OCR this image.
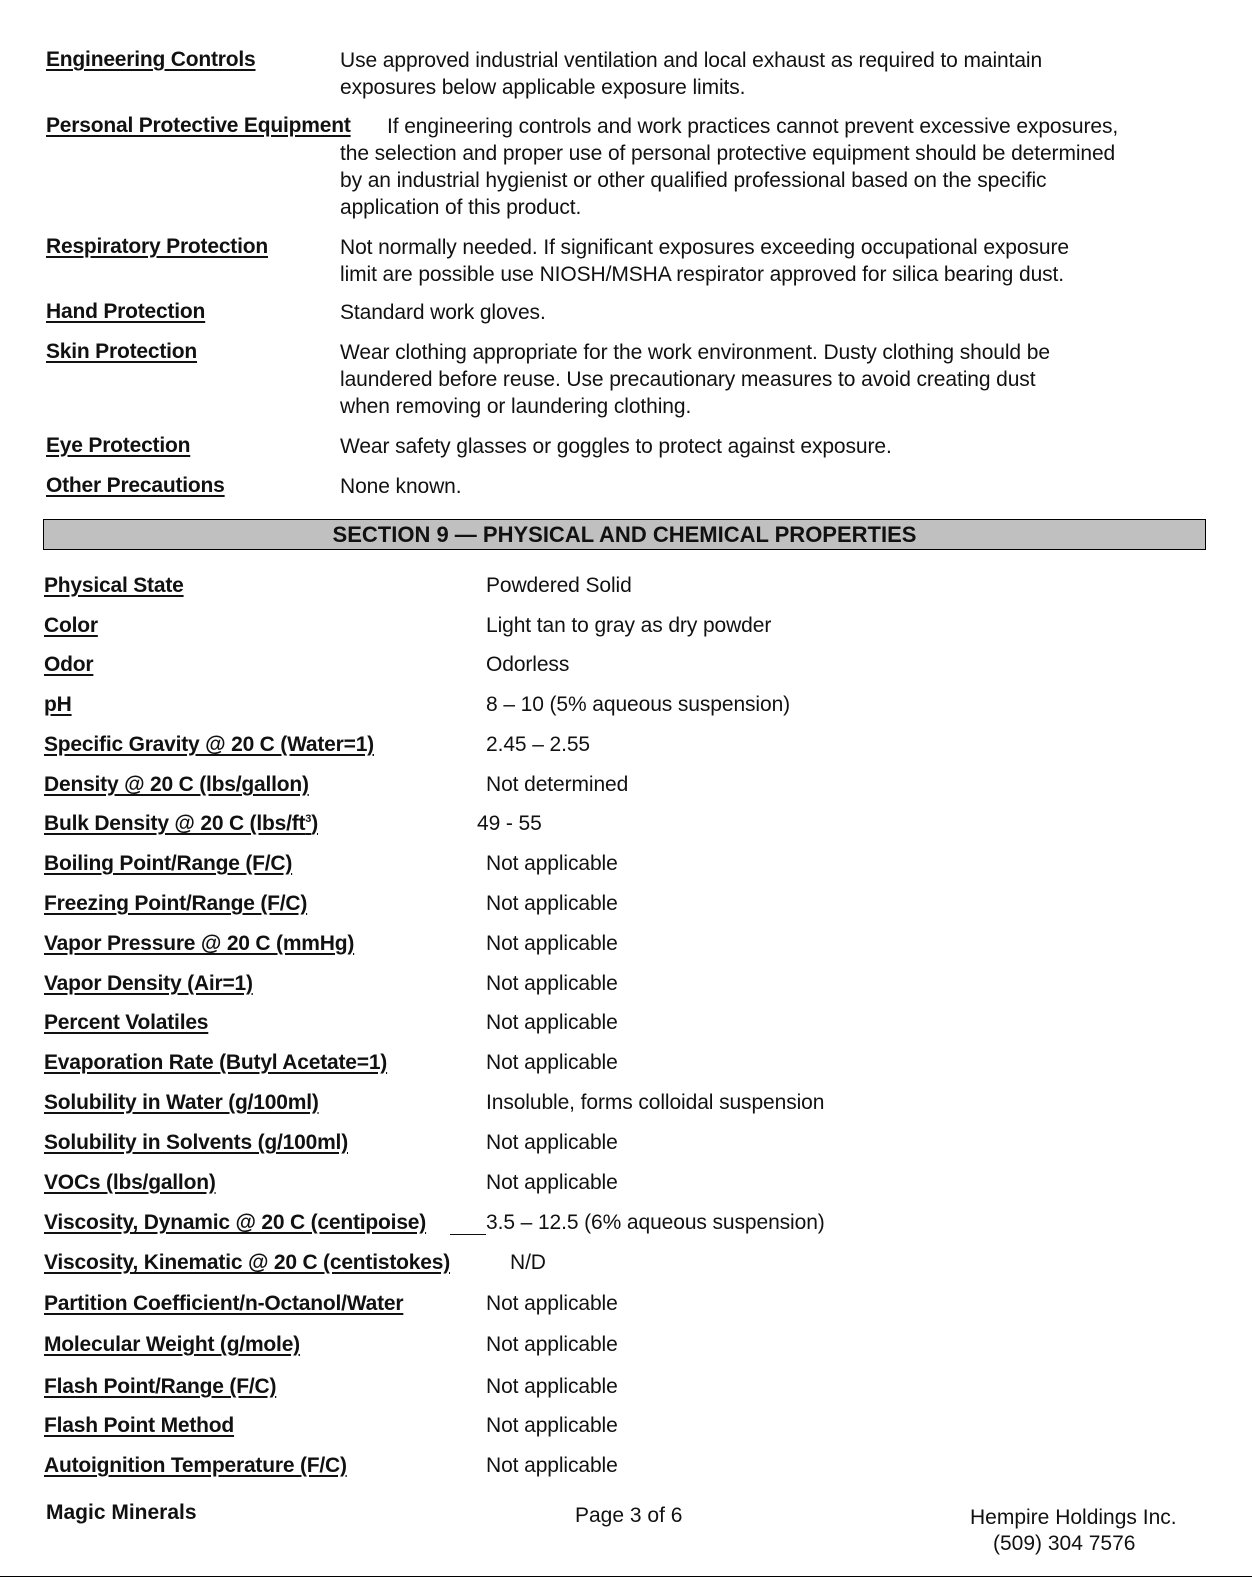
Engineering Controls	Use approved industrial ventilation and local exhaust as required to maintain
exposures below applicable exposure limits.
Personal Protective Equipment If engineering controls and work practices cannot prevent excessive exposures,
the selection and proper use of personal protective equipment should be determined
by an industrial hygienist or other qualified professional based on the specific
application of this product.
Respiratory Protection	Not normally needed. If significant exposures exceeding occupational exposure
limit are possible use NIOSH/MSHA respirator approved for silica bearing dust.
Hand Protection	Standard work gloves.
Skin Protection	Wear clothing appropriate for the work environment. Dusty clothing should be
laundered before reuse. Use precautionary measures to avoid creating dust
when removing or laundering clothing.
Eye Protection	Wear safety glasses or goggles to protect against exposure.
Other Precautions	None known.
SECTION 9 — PHYSICAL AND CHEMICAL PROPERTIES
Physical State	Powdered Solid
Color	Light tan to gray as dry powder
Odor	Odorless
pH	8 – 10 (5% aqueous suspension)
Specific Gravity @ 20 C (Water=1)	2.45 – 2.55
Density @ 20 C (lbs/gallon)	Not determined
Bulk Density @ 20 C $(lbs/ft^3)$	49 - 55
Boiling Point/Range (F/C)	Not applicable
Freezing Point/Range (F/C)	Not applicable
Vapor Pressure @ 20 C (mmHg)	Not applicable
Vapor Density (Air=1)	Not applicable
Percent Volatiles	Not applicable
Evaporation Rate (Butyl Acetate=1)	Not applicable
Solubility in Water (g/100ml)	Insoluble, forms colloidal suspension
Solubility in Solvents (g/100ml)	Not applicable
VOCs (lbs/gallon)	Not applicable
Viscosity, Dynamic @ 20 C (centipoise)	3.5 – 12.5 (6% aqueous suspension)
Viscosity, Kinematic @ 20 C (centistokes)	N/D
Partition Coefficient/n-Octanol/Water	Not applicable
Molecular Weight (g/mole)	Not applicable
Flash Point/Range (F/C)	Not applicable
Flash Point Method	Not applicable
Autoignition Temperature (F/C)	Not applicable
Magic Minerals	Page 3 of 6	Hempire Holdings Inc.
(509) 304 7576
